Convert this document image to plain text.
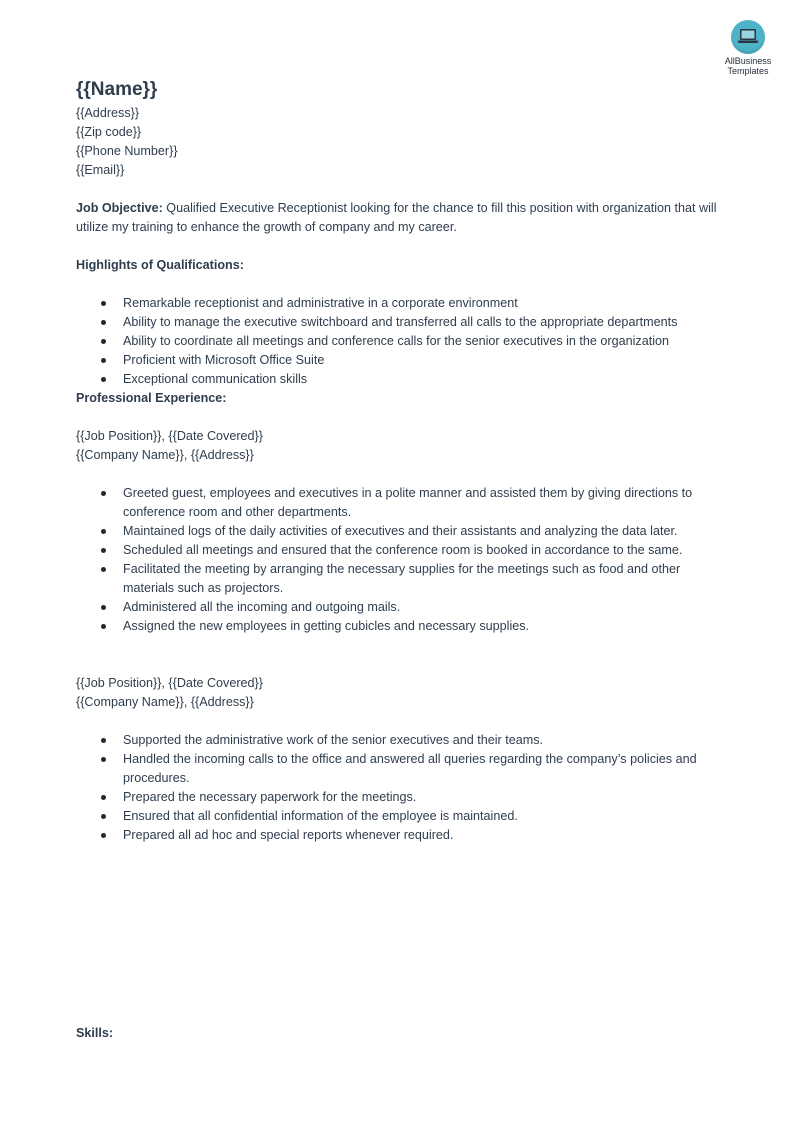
AllBusiness
Templates

{{Name}}

{{Address}}

{{Zip code}}

{{Phone Number}}

{{Email}}

Job Objective: Qualified Executive Receptionist looking for the chance to fill this position with organization that will utilize my training to enhance the growth of company and my career.

Highlights of Qualifications:

Remarkable receptionist and administrative in a corporate environment
Ability to manage the executive switchboard and transferred all calls to the appropriate departments
Ability to coordinate all meetings and conference calls for the senior executives in the organization
Proficient with Microsoft Office Suite
Exceptional communication skills

Professional Experience:

{{Job Position}}, {{Date Covered}}

{{Company Name}}, {{Address}}

Greeted guest, employees and executives in a polite manner and assisted them by giving directions to conference room and other departments.
Maintained logs of the daily activities of executives and their assistants and analyzing the data later.
Scheduled all meetings and ensured that the conference room is booked in accordance to the same.
Facilitated the meeting by arranging the necessary supplies for the meetings such as food and other materials such as projectors.
Administered all the incoming and outgoing mails.
Assigned the new employees in getting cubicles and necessary supplies.

{{Job Position}}, {{Date Covered}}

{{Company Name}}, {{Address}}

Supported the administrative work of the senior executives and their teams.
Handled the incoming calls to the office and answered all queries regarding the company’s policies and procedures.
Prepared the necessary paperwork for the meetings.
Ensured that all confidential information of the employee is maintained.
Prepared all ad hoc and special reports whenever required.

Skills:
